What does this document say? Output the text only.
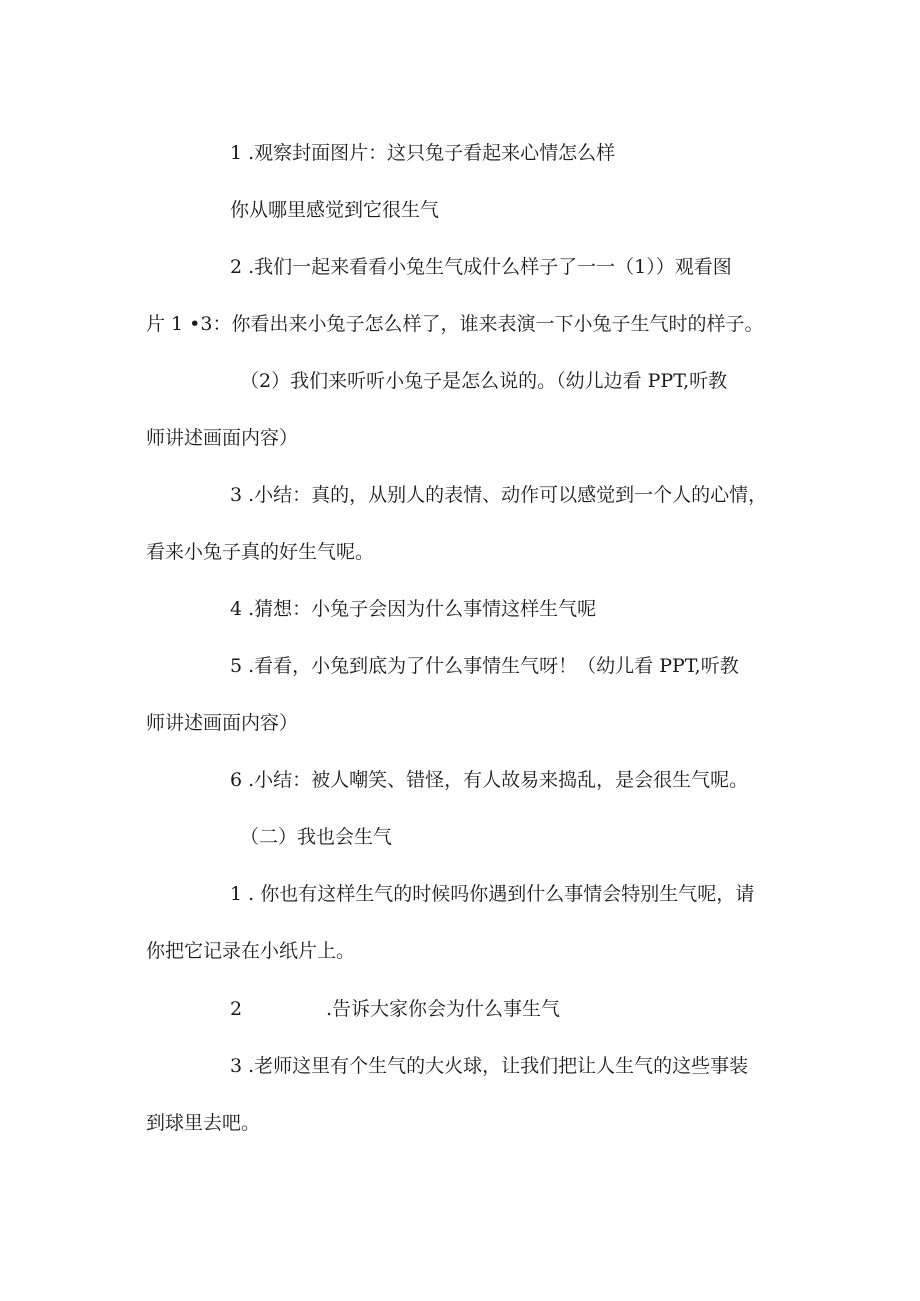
1 .观察封面图片：这只兔子看起来心情怎么样
你从哪里感觉到它很生气
2 .我们一起来看看小兔生气成什么样子了一一（1））观看图
片 1 •3：你看出来小兔子怎么样了，谁来表演一下小兔子生气时的样子。
（2）我们来听听小兔子是怎么说的。（幼儿边看 PPT,听教
师讲述画面内容）
3 .小结：真的，从别人的表情、动作可以感觉到一个人的心情，
看来小兔子真的好生气呢。
4 .猜想：小兔子会因为什么事情这样生气呢
5 .看看，小兔到底为了什么事情生气呀！（幼儿看 PPT,听教
师讲述画面内容）
6 .小结：被人嘲笑、错怪，有人故易来捣乱，是会很生气呢。
（二）我也会生气
1 . 你也有这样生气的时候吗你遇到什么事情会特别生气呢，请
你把它记录在小纸片上。
2	.告诉大家你会为什么事生气
3 .老师这里有个生气的大火球，让我们把让人生气的这些事装
到球里去吧。
